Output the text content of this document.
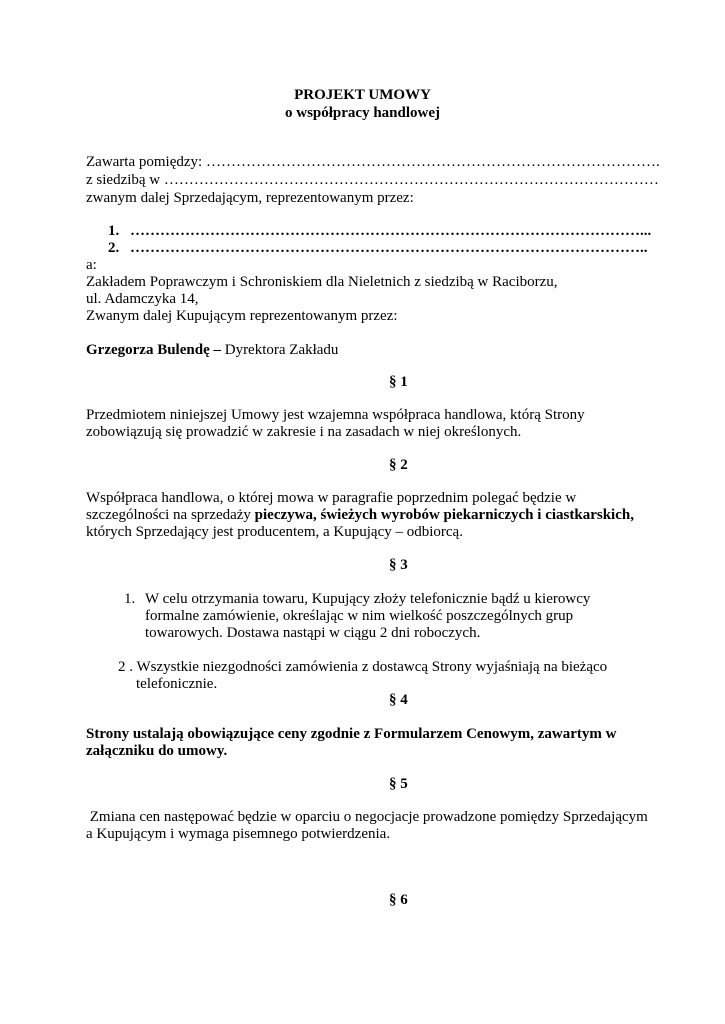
PROJEKT UMOWY
o współpracy handlowej
Zawarta pomiędzy: ……………………………………………………………………………….
z siedzibą w ………………………………………………………………………………………
zwanym dalej Sprzedającym, reprezentowanym przez:
1. …………………………………………………………………………………………...
2. …………………………………………………………………………………………..
a:
Zakładem Poprawczym i Schroniskiem dla Nieletnich z siedzibą w Raciborzu,
ul. Adamczyka 14,
Zwanym dalej Kupującym reprezentowanym przez:
Grzegorza Bulendę – Dyrektora Zakładu
§ 1
Przedmiotem niniejszej Umowy jest wzajemna współpraca handlowa, którą Strony
zobowiązują się prowadzić w zakresie i na zasadach w niej określonych.
§ 2
Współpraca handlowa, o której mowa w paragrafie poprzednim polegać będzie w
szczególności na sprzedaży pieczywa, świeżych wyrobów piekarniczych i ciastkarskich,
których Sprzedający jest producentem, a Kupujący – odbiorcą.
§ 3
1. W celu otrzymania towaru, Kupujący złoży telefonicznie bądź u kierowcy
formalne zamówienie, określając w nim wielkość poszczególnych grup
towarowych. Dostawa nastąpi w ciągu 2 dni roboczych.
2 . Wszystkie niezgodności zamówienia z dostawcą Strony wyjaśniają na bieżąco
telefonicznie.
§ 4
Strony ustalają obowiązujące ceny zgodnie z Formularzem Cenowym, zawartym w
załączniku do umowy.
§ 5
Zmiana cen następować będzie w oparciu o negocjacje prowadzone pomiędzy Sprzedającym
a Kupującym i wymaga pisemnego potwierdzenia.
§ 6
